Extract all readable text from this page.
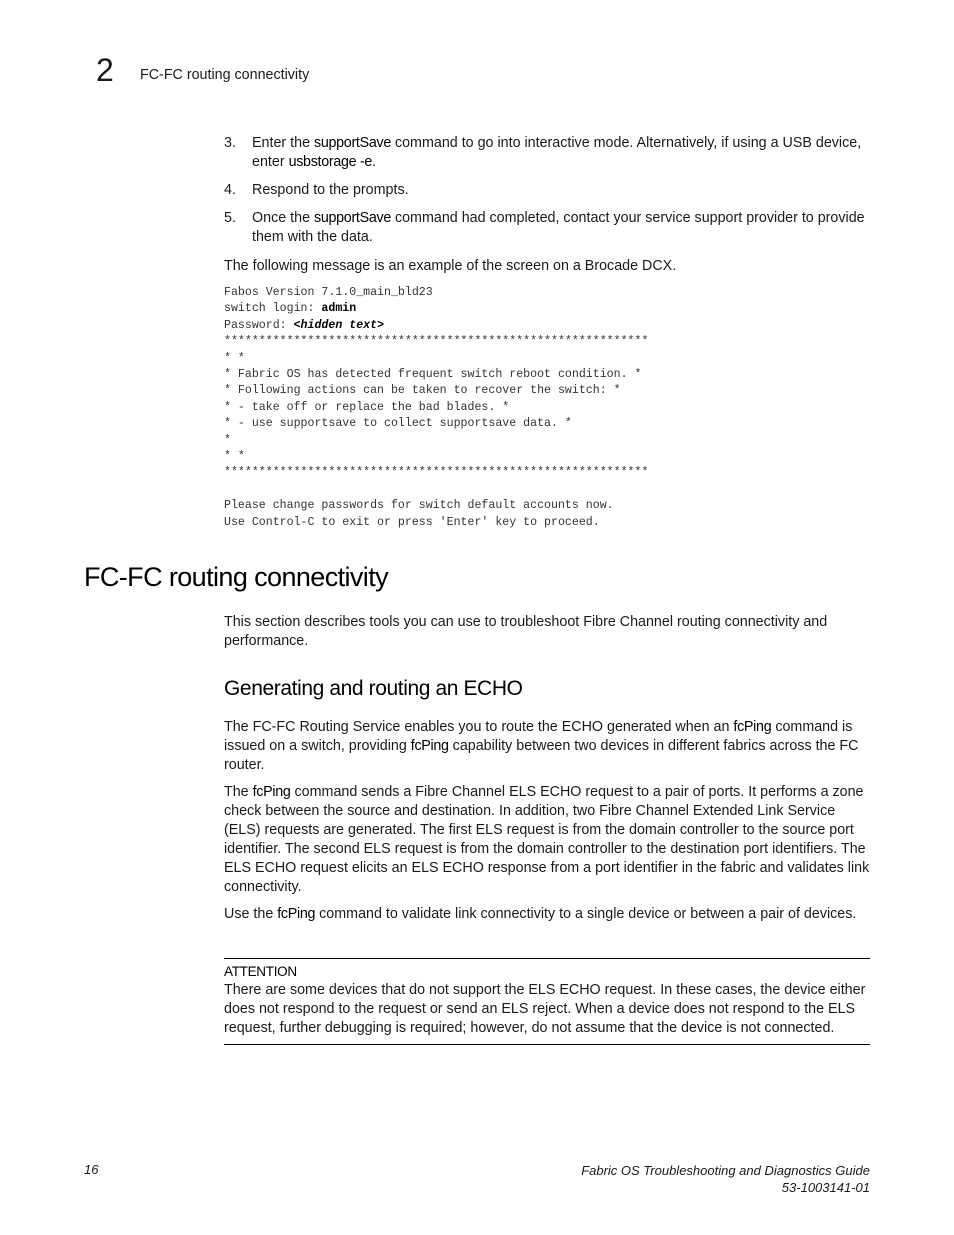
2 FC-FC routing connectivity
3. Enter the supportSave command to go into interactive mode. Alternatively, if using a USB device, enter usbstorage -e.
4. Respond to the prompts.
5. Once the supportSave command had completed, contact your service support provider to provide them with the data.

The following message is an example of the screen on a Brocade DCX.

Fabos Version 7.1.0_main_bld23
switch login: admin
Password: <hidden text>
*************************************************************
* *
* Fabric OS has detected frequent switch reboot condition. *
* Following actions can be taken to recover the switch: *
* - take off or replace the bad blades. *
* - use supportsave to collect supportsave data. *
*
* *
*************************************************************

Please change passwords for switch default accounts now.
Use Control-C to exit or press 'Enter' key to proceed.
FC-FC routing connectivity

This section describes tools you can use to troubleshoot Fibre Channel routing connectivity and performance.

Generating and routing an ECHO

The FC-FC Routing Service enables you to route the ECHO generated when an fcPing command is issued on a switch, providing fcPing capability between two devices in different fabrics across the FC router.

The fcPing command sends a Fibre Channel ELS ECHO request to a pair of ports. It performs a zone check between the source and destination. In addition, two Fibre Channel Extended Link Service (ELS) requests are generated. The first ELS request is from the domain controller to the source port identifier. The second ELS request is from the domain controller to the destination port identifiers. The ELS ECHO request elicits an ELS ECHO response from a port identifier in the fabric and validates link connectivity.

Use the fcPing command to validate link connectivity to a single device or between a pair of devices.

ATTENTION
There are some devices that do not support the ELS ECHO request. In these cases, the device either does not respond to the request or send an ELS reject. When a device does not respond to the ELS request, further debugging is required; however, do not assume that the device is not connected.
16	Fabric OS Troubleshooting and Diagnostics Guide
53-1003141-01
